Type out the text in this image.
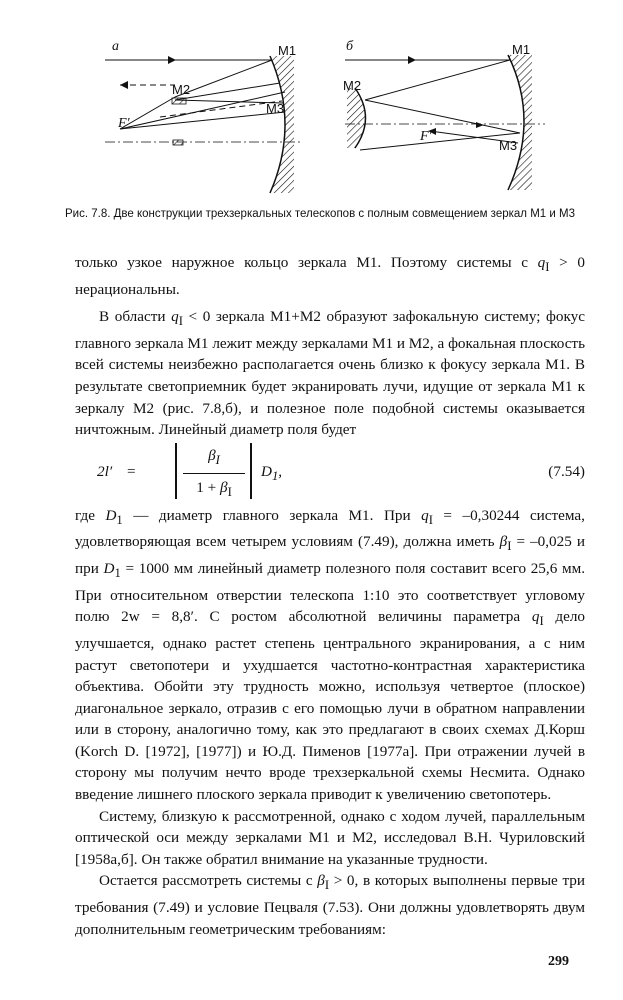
а	M1
M2
M3
F′
б	M1
M2
M3
F′
Рис. 7.8. Две конструкции трехзеркальных телескопов с полным совмещением зеркал M1 и M3

только узкое наружное кольцо зеркала M1. Поэтому системы с $q_I > 0$ нерациональны.

В области $q_I < 0$ зеркала M1+M2 образуют зафокальную систему; фокус главного зеркала M1 лежит между зеркалами M1 и M2, а фокальная плоскость всей системы неизбежно располагается очень близко к фокусу зеркала M1. В результате светоприемник будет экранировать лучи, идущие от зеркала M1 к зеркалу M2 (рис. 7.8,б), и полезное поле подобной системы оказывается ничтожным. Линейный диаметр поля будет

2l′ =	$\frac{\beta_I}{1 + \beta_I} D_1$,	(7.54)

где $D_1$ — диаметр главного зеркала M1. При $q_I = -0,30244$ система, удовлетворяющая всем четырем условиям (7.49), должна иметь $\beta_I = -0,025$ и при $D_1 = 1000$ мм линейный диаметр полезного поля составит всего 25,6 мм. При относительном отверстии телескопа 1:10 это соответствует угловому полю 2w = 8,8′. С ростом абсолютной величины параметра $q_I$ дело улучшается, однако растет степень центрального экранирования, а с ним растут светопотери и ухудшается частотно-контрастная характеристика объектива. Обойти эту трудность можно, используя четвертое (плоское) диагональное зеркало, отразив с его помощью лучи в обратном направлении или в сторону, аналогично тому, как это предлагают в своих схемах Д.Корш (Korch D. [1972], [1977]) и Ю.Д. Пименов [1977a]. При отражении лучей в сторону мы получим нечто вроде трехзеркальной схемы Несмита. Однако введение лишнего плоского зеркала приводит к увеличению светопотерь.

Систему, близкую к рассмотренной, однако с ходом лучей, параллельным оптической оси между зеркалами M1 и M2, исследовал В.Н. Чуриловский [1958a,б]. Он также обратил внимание на указанные трудности.

Остается рассмотреть системы с $\beta_I > 0$, в которых выполнены первые три требования (7.49) и условие Пецваля (7.53). Они должны удовлетворять двум дополнительным геометрическим требованиям:

299
